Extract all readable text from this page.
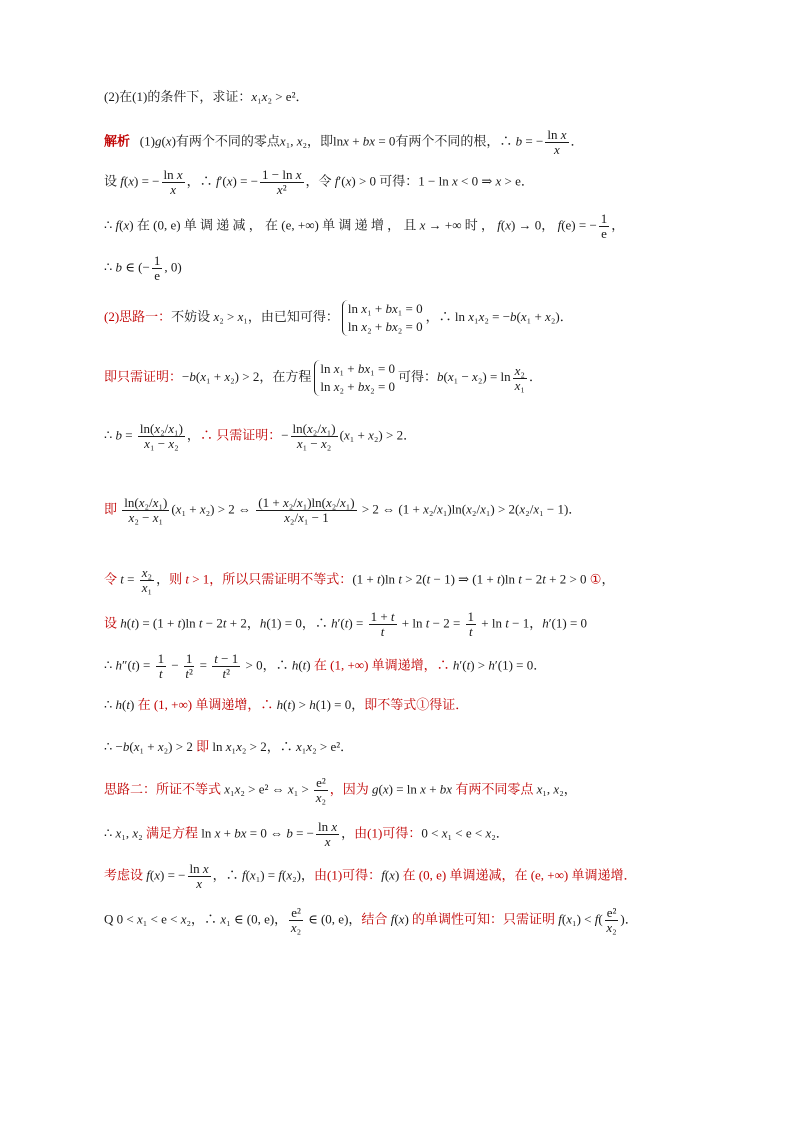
(2)在(1)的条件下，求证：x₁x₂ > e²．
解析   (1)g(x)有两个不同的零点x₁, x₂，即lnx + bx = 0有两个不同的根，∴ b = − $\frac{\text{ln x}}{x}$ ．
设 f(x) = − $\frac{\text{ln x}}{x}$ ，∴ f′(x) = − $\frac{\text{1 − ln x}}{\text{x²}}$ ，令 f′(x) > 0 可得：1 − ln x < 0 ⇒ x > e．
∴ f(x) 在 (0, e) 单 调 递 减 ， 在 (e, +∞) 单 调 递 增 ， 且 x → +∞ 时 ， f(x) → 0， f(e) = − $\frac{1}{e}$ ，
∴ b ∈ (− $\frac{1}{e}$ , 0)
(2)思路一：不妨设 x₂ > x₁，由已知可得：
ln x₁ + bx₁ = 0
ln x₂ + bx₂ = 0
，∴ ln x₁x₂ = −b(x₁ + x₂)．
即只需证明：−b(x₁ + x₂) > 2，在方程
ln x₁ + bx₁ = 0
ln x₂ + bx₂ = 0
可得：$b(x_1 - x_2) = \ln \frac{\text{x₂}}{\text{x₁}}$ ．
∴ $b = \frac{\text{ln(x₂/x₁)}}{\text{x₁ − x₂}}$ ，∴ 只需证明：− $\frac{\text{ln(x₂/x₁)}}{\text{x₁ − x₂}} (x_1 + x_2) > 2$．
即 $\frac{\text{ln(x₂/x₁)}}{\text{x₂ − x₁}} (x_1 + x_2) > 2$ ⇔ $\frac{\text{(1 + x₂/x₁)ln(x₂/x₁)}}{\text{x₂/x₁ − 1}} > 2$ ⇔ (1 + x₂/x₁)ln(x₂/x₁) > 2(x₂/x₁ − 1)．
令 $t = \frac{\text{x₂}}{\text{x₁}}$ ，则 t > 1，所以只需证明不等式：(1 + t)ln t > 2(t − 1) ⇒ (1 + t)ln t − 2t + 2 > 0 ①，
设 h(t) = (1 + t)ln t − 2t + 2，h(1) = 0，∴ $h'(t) = \frac{1 + t}{t} + \ln t - 2 = \frac{1}{t} + \ln t - 1$，h′(1) = 0
∴ $h''(t) = \frac{1}{t} - \frac{1}{\text{t²}} = \frac{t - 1}{\text{t²}} > 0$，∴ h(t) 在 (1, +∞) 单调递增，∴ h′(t) > h′(1) = 0．
∴ h(t) 在 (1, +∞) 单调递增，∴ h(t) > h(1) = 0，即不等式①得证．
∴ −b(x₁ + x₂) > 2 即 ln x₁x₂ > 2，∴ x₁x₂ > e²．
思路二：所证不等式 x₁x₂ > e² ⇔ $x_1 > \frac{\text{e²}}{\text{x₂}}$ ，因为 g(x) = ln x + bx 有两不同零点 x₁, x₂，
∴ x₁, x₂ 满足方程 ln x + bx = 0 ⇔ b = − $\frac{\text{ln x}}{x}$ ，由(1)可得：0 < x₁ < e < x₂．
考虑设 f(x) = − $\frac{\text{ln x}}{x}$ ，∴ f(x₁) = f(x₂)，由(1)可得：f(x) 在 (0, e) 单调递减，在 (e, +∞) 单调递增．
Q 0 < x₁ < e < x₂，∴ x₁ ∈ (0, e)， $\frac{\text{e²}}{\text{x₂}}$ ∈ (0, e)，结合 f(x) 的单调性可知：只需证明 $f(x_1) < f( \frac{\text{e²}}{\text{x₂}}$ )．
